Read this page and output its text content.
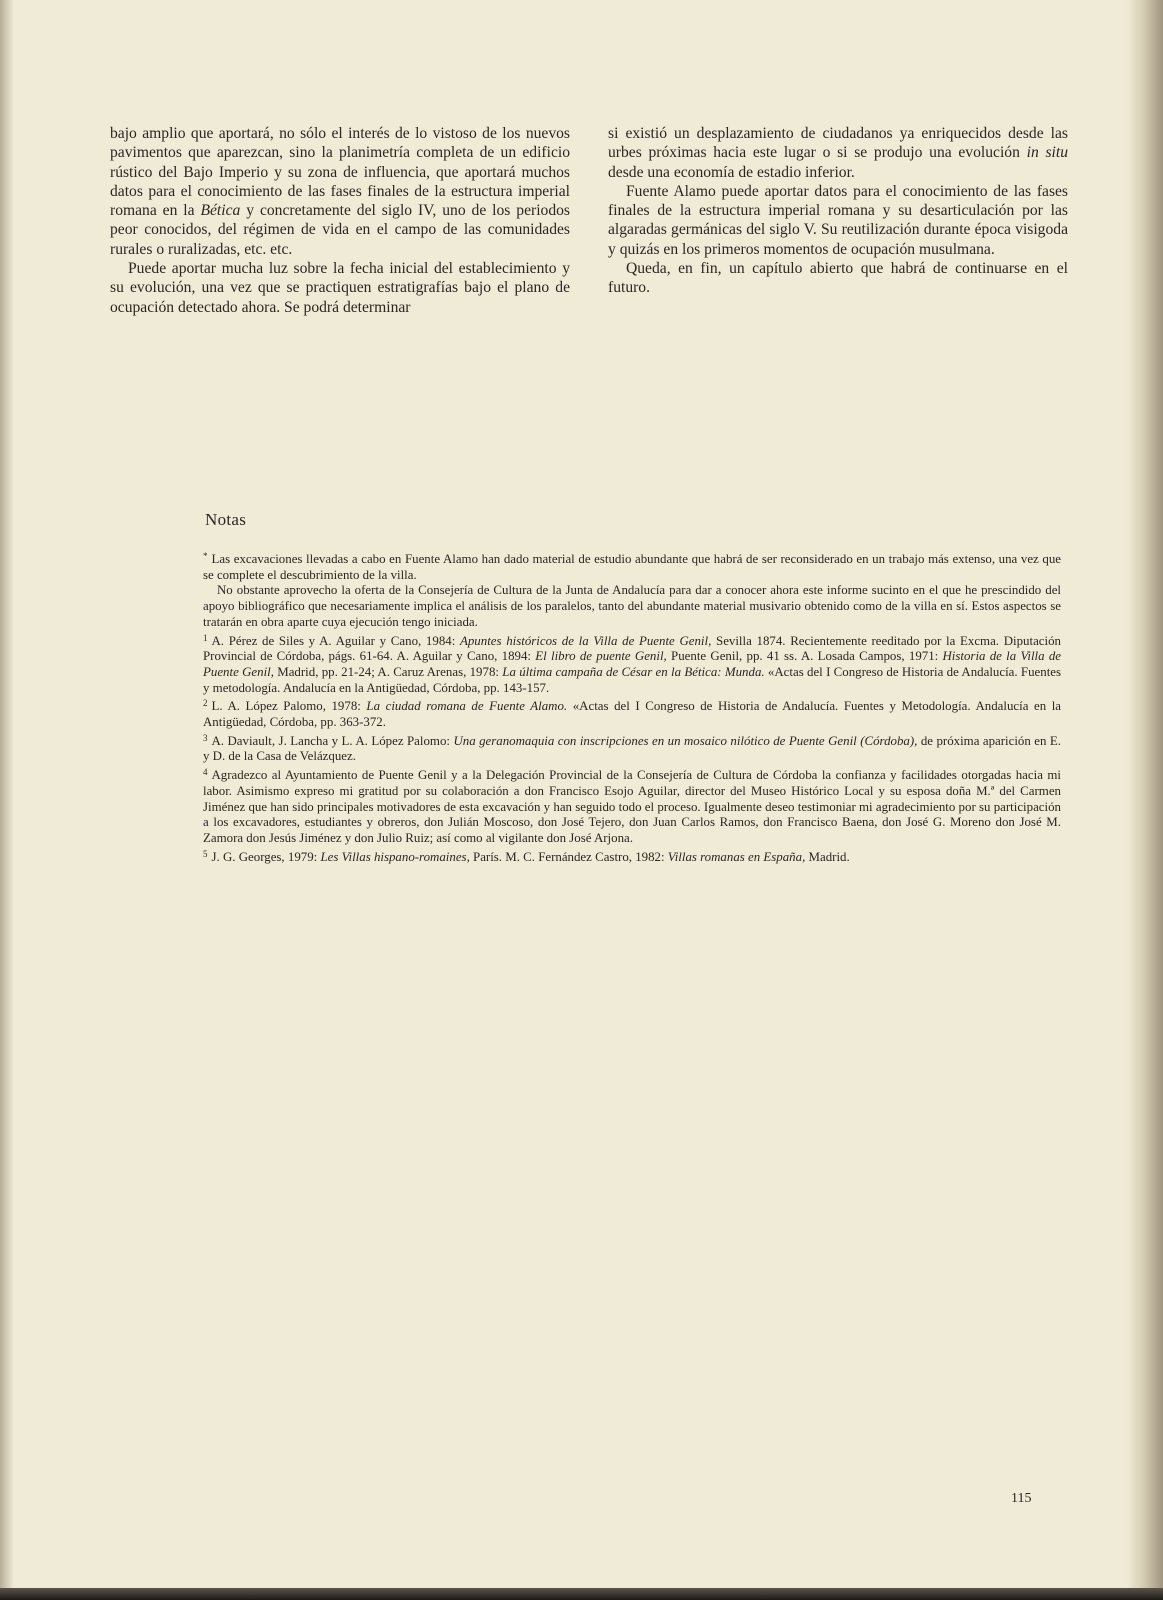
bajo amplio que aportará, no sólo el interés de lo vistoso de los nuevos pavimentos que aparezcan, sino la planimetría completa de un edificio rústico del Bajo Imperio y su zona de influencia, que aportará muchos datos para el conocimiento de las fases finales de la estructura imperial romana en la Bética y concretamente del siglo IV, uno de los periodos peor conocidos, del régimen de vida en el campo de las comunidades rurales o ruralizadas, etc. etc.

Puede aportar mucha luz sobre la fecha inicial del establecimiento y su evolución, una vez que se practiquen estratigrafías bajo el plano de ocupación detectado ahora. Se podrá determinar

si existió un desplazamiento de ciudadanos ya enriquecidos desde las urbes próximas hacia este lugar o si se produjo una evolución in situ desde una economía de estadio inferior.

Fuente Alamo puede aportar datos para el conocimiento de las fases finales de la estructura imperial romana y su desarticulación por las algaradas germánicas del siglo V. Su reutilización durante época visigoda y quizás en los primeros momentos de ocupación musulmana.

Queda, en fin, un capítulo abierto que habrá de continuarse en el futuro.

Notas

* Las excavaciones llevadas a cabo en Fuente Alamo han dado material de estudio abundante que habrá de ser reconsiderado en un trabajo más extenso, una vez que se complete el descubrimiento de la villa.

No obstante aprovecho la oferta de la Consejería de Cultura de la Junta de Andalucía para dar a conocer ahora este informe sucinto en el que he prescindido del apoyo bibliográfico que necesariamente implica el análisis de los paralelos, tanto del abundante material musivario obtenido como de la villa en sí. Estos aspectos se tratarán en obra aparte cuya ejecución tengo iniciada.

$^1$ A. Pérez de Siles y A. Aguilar y Cano, 1984: Apuntes históricos de la Villa de Puente Genil, Sevilla 1874. Recientemente reeditado por la Excma. Diputación Provincial de Córdoba, págs. 61-64. A. Aguilar y Cano, 1894: El libro de puente Genil, Puente Genil, pp. 41 ss. A. Losada Campos, 1971: Historia de la Villa de Puente Genil, Madrid, pp. 21-24; A. Caruz Arenas, 1978: La última campaña de César en la Bética: Munda. «Actas del I Congreso de Historia de Andalucía. Fuentes y metodología. Andalucía en la Antigüedad, Córdoba, pp. 143-157.

$^2$ L. A. López Palomo, 1978: La ciudad romana de Fuente Alamo. «Actas del I Congreso de Historia de Andalucía. Fuentes y Metodología. Andalucía en la Antigüedad, Córdoba, pp. 363-372.

$^3$ A. Daviault, J. Lancha y L. A. López Palomo: Una geranomaquia con inscripciones en un mosaico nilótico de Puente Genil (Córdoba), de próxima aparición en E. y D. de la Casa de Velázquez.

$^4$ Agradezco al Ayuntamiento de Puente Genil y a la Delegación Provincial de la Consejería de Cultura de Córdoba la confianza y facilidades otorgadas hacia mi labor. Asimismo expreso mi gratitud por su colaboración a don Francisco Esojo Aguilar, director del Museo Histórico Local y su esposa doña M.ª del Carmen Jiménez que han sido principales motivadores de esta excavación y han seguido todo el proceso. Igualmente deseo testimoniar mi agradecimiento por su participación a los excavadores, estudiantes y obreros, don Julián Moscoso, don José Tejero, don Juan Carlos Ramos, don Francisco Baena, don José G. Moreno don José M. Zamora don Jesús Jiménez y don Julio Ruiz; así como al vigilante don José Arjona.

$^5$ J. G. Georges, 1979: Les Villas hispano-romaines, París. M. C. Fernández Castro, 1982: Villas romanas en España, Madrid.

115
